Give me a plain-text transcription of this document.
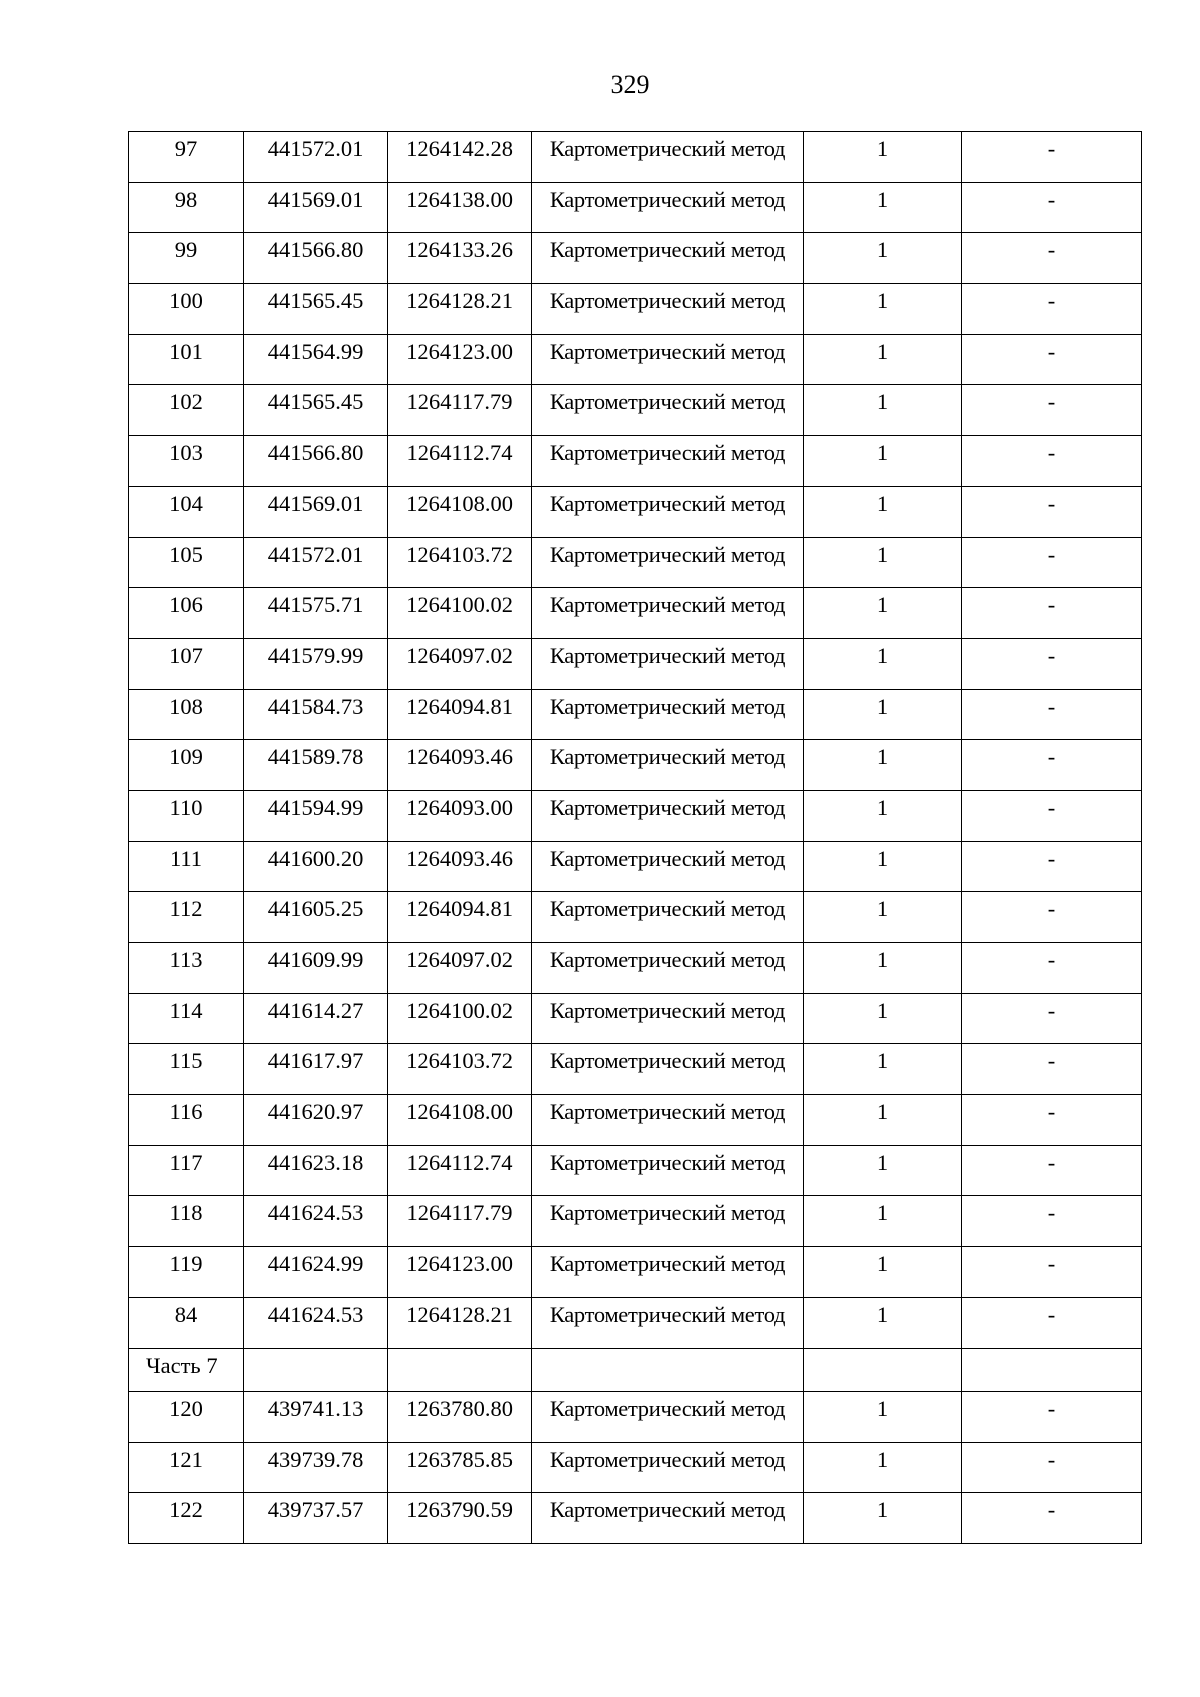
329
97	441572.01	1264142.28	Картометрический метод	1	-
98	441569.01	1264138.00	Картометрический метод	1	-
99	441566.80	1264133.26	Картометрический метод	1	-
100	441565.45	1264128.21	Картометрический метод	1	-
101	441564.99	1264123.00	Картометрический метод	1	-
102	441565.45	1264117.79	Картометрический метод	1	-
103	441566.80	1264112.74	Картометрический метод	1	-
104	441569.01	1264108.00	Картометрический метод	1	-
105	441572.01	1264103.72	Картометрический метод	1	-
106	441575.71	1264100.02	Картометрический метод	1	-
107	441579.99	1264097.02	Картометрический метод	1	-
108	441584.73	1264094.81	Картометрический метод	1	-
109	441589.78	1264093.46	Картометрический метод	1	-
110	441594.99	1264093.00	Картометрический метод	1	-
111	441600.20	1264093.46	Картометрический метод	1	-
112	441605.25	1264094.81	Картометрический метод	1	-
113	441609.99	1264097.02	Картометрический метод	1	-
114	441614.27	1264100.02	Картометрический метод	1	-
115	441617.97	1264103.72	Картометрический метод	1	-
116	441620.97	1264108.00	Картометрический метод	1	-
117	441623.18	1264112.74	Картометрический метод	1	-
118	441624.53	1264117.79	Картометрический метод	1	-
119	441624.99	1264123.00	Картометрический метод	1	-
84	441624.53	1264128.21	Картометрический метод	1	-
Часть 7					
120	439741.13	1263780.80	Картометрический метод	1	-
121	439739.78	1263785.85	Картометрический метод	1	-
122	439737.57	1263790.59	Картометрический метод	1	-
